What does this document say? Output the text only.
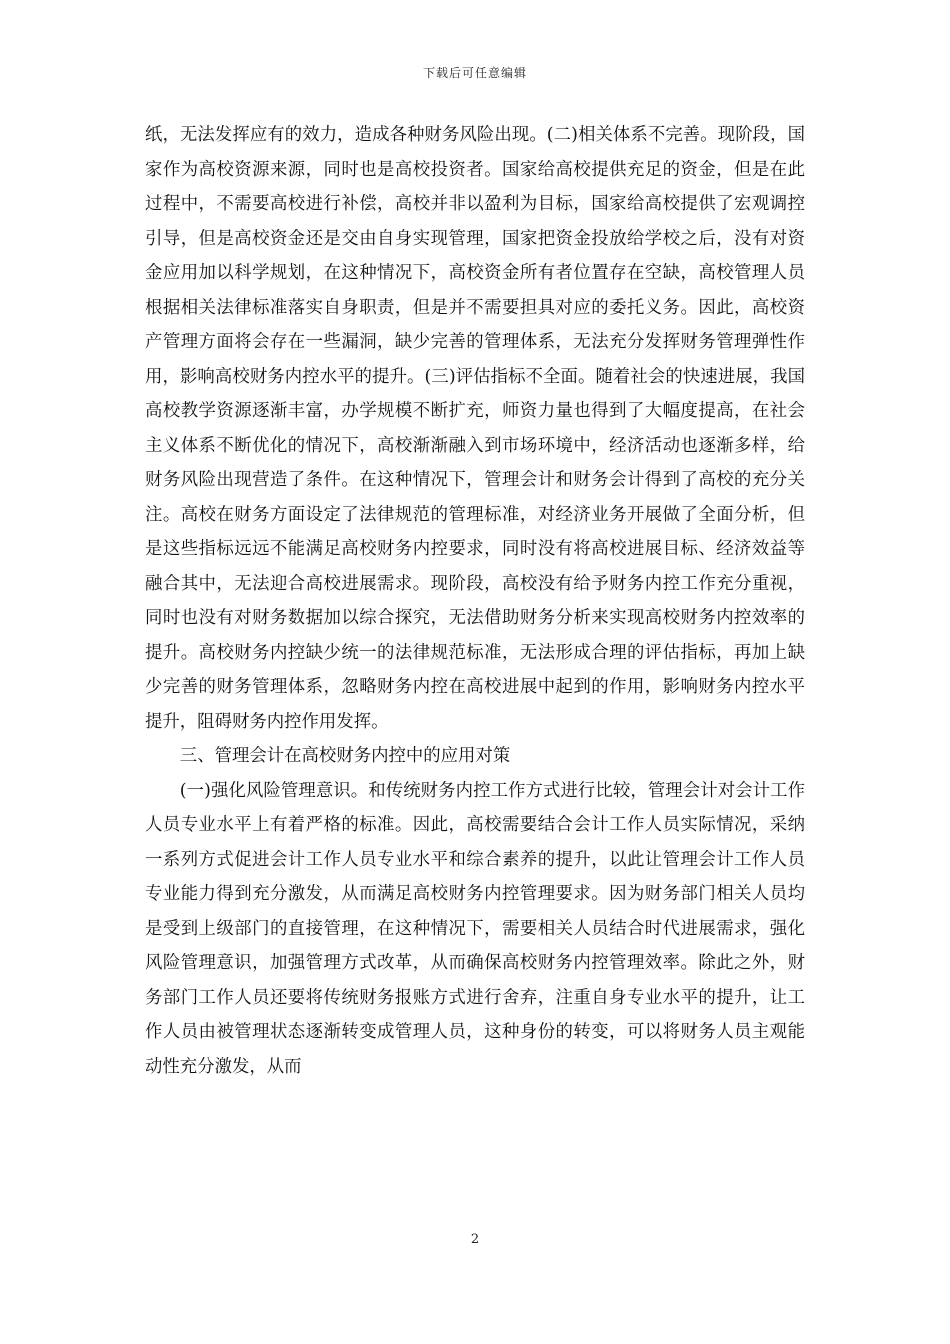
下载后可任意编辑

纸，无法发挥应有的效力，造成各种财务风险出现。(二)相关体系不完善。现阶段，国家作为高校资源来源，同时也是高校投资者。国家给高校提供充足的资金，但是在此过程中，不需要高校进行补偿，高校并非以盈利为目标，国家给高校提供了宏观调控引导，但是高校资金还是交由自身实现管理，国家把资金投放给学校之后，没有对资金应用加以科学规划，在这种情况下，高校资金所有者位置存在空缺，高校管理人员根据相关法律标准落实自身职责，但是并不需要担具对应的委托义务。因此，高校资产管理方面将会存在一些漏洞，缺少完善的管理体系，无法充分发挥财务管理弹性作用，影响高校财务内控水平的提升。(三)评估指标不全面。随着社会的快速进展，我国高校教学资源逐渐丰富，办学规模不断扩充，师资力量也得到了大幅度提高，在社会主义体系不断优化的情况下，高校渐渐融入到市场环境中，经济活动也逐渐多样，给财务风险出现营造了条件。在这种情况下，管理会计和财务会计得到了高校的充分关注。高校在财务方面设定了法律规范的管理标准，对经济业务开展做了全面分析，但是这些指标远远不能满足高校财务内控要求，同时没有将高校进展目标、经济效益等融合其中，无法迎合高校进展需求。现阶段，高校没有给予财务内控工作充分重视，同时也没有对财务数据加以综合探究，无法借助财务分析来实现高校财务内控效率的提升。高校财务内控缺少统一的法律规范标准，无法形成合理的评估指标，再加上缺少完善的财务管理体系，忽略财务内控在高校进展中起到的作用，影响财务内控水平提升，阻碍财务内控作用发挥。

三、管理会计在高校财务内控中的应用对策

(一)强化风险管理意识。和传统财务内控工作方式进行比较，管理会计对会计工作人员专业水平上有着严格的标准。因此，高校需要结合会计工作人员实际情况，采纳一系列方式促进会计工作人员专业水平和综合素养的提升，以此让管理会计工作人员专业能力得到充分激发，从而满足高校财务内控管理要求。因为财务部门相关人员均是受到上级部门的直接管理，在这种情况下，需要相关人员结合时代进展需求，强化风险管理意识，加强管理方式改革，从而确保高校财务内控管理效率。除此之外，财务部门工作人员还要将传统财务报账方式进行舍弃，注重自身专业水平的提升，让工作人员由被管理状态逐渐转变成管理人员，这种身份的转变，可以将财务人员主观能动性充分激发，从而

2
